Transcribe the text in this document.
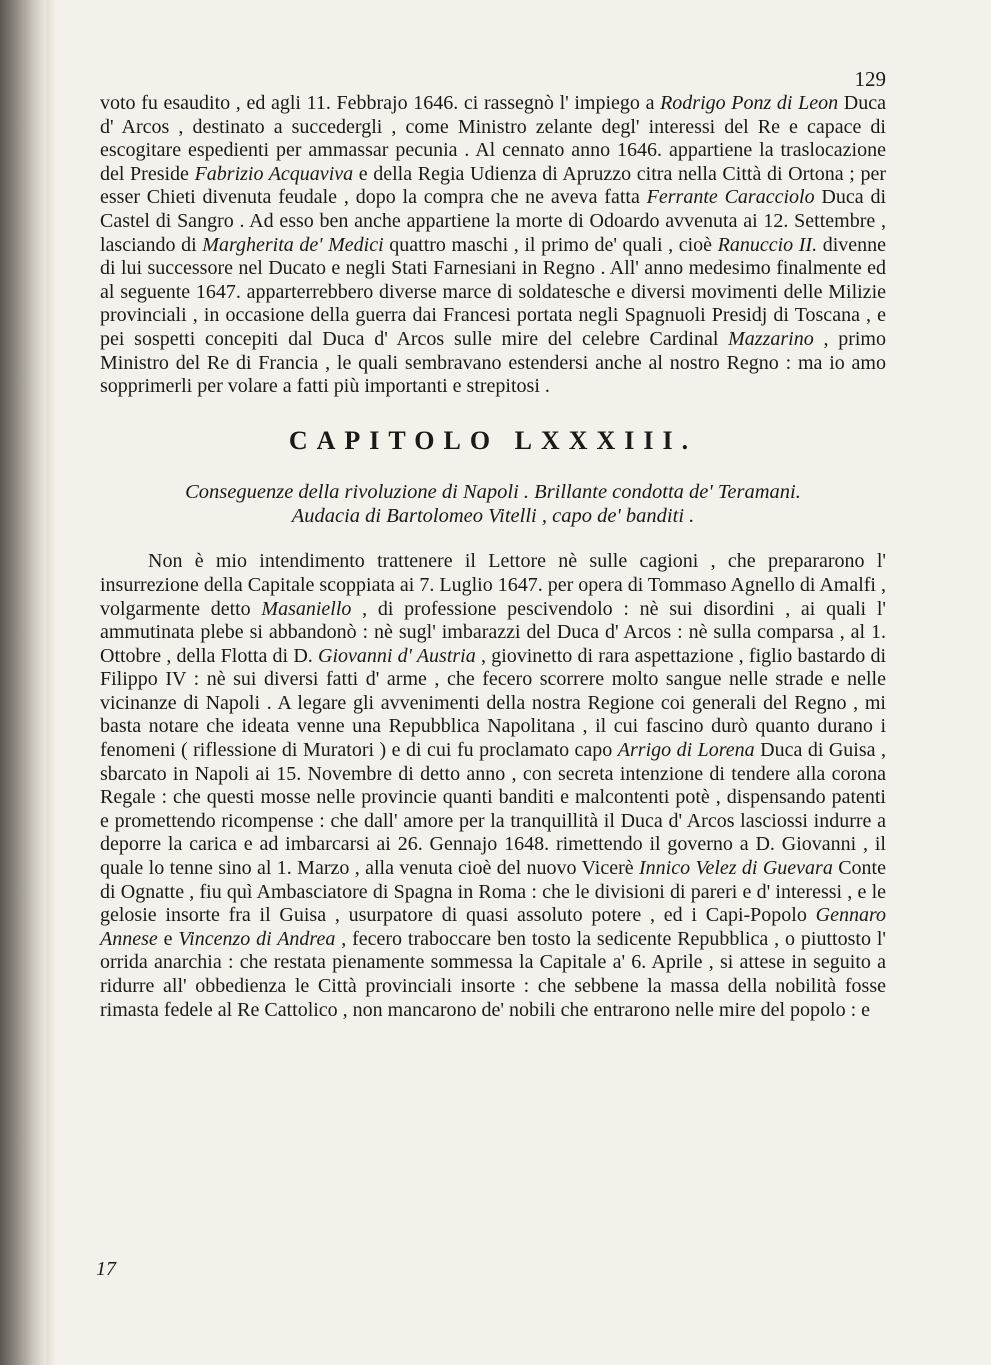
129

voto fu esaudito , ed agli 11. Febbrajo 1646. ci rassegnò l' impiego a Rodrigo Ponz di Leon Duca d' Arcos , destinato a succedergli , come Ministro zelante degl' interessi del Re e capace di escogitare espedienti per ammassar pecunia . Al cennato anno 1646. appartiene la traslocazione del Preside Fabrizio Acquaviva e della Regia Udienza di Apruzzo citra nella Città di Ortona ; per esser Chieti divenuta feudale , dopo la compra che ne aveva fatta Ferrante Caracciolo Duca di Castel di Sangro . Ad esso ben anche appartiene la morte di Odoardo avvenuta ai 12. Settembre , lasciando di Margherita de' Medici quattro maschi , il primo de' quali , cioè Ranuccio II. divenne di lui successore nel Ducato e negli Stati Farnesiani in Regno . All' anno medesimo finalmente ed al seguente 1647. apparterrebbero diverse marce di soldatesche e diversi movimenti delle Milizie provinciali , in occasione della guerra dai Francesi portata negli Spagnuoli Presidj di Toscana , e pei sospetti concepiti dal Duca d' Arcos sulle mire del celebre Cardinal Mazzarino , primo Ministro del Re di Francia , le quali sembravano estendersi anche al nostro Regno : ma io amo sopprimerli per volare a fatti più importanti e strepitosi .

CAPITOLO LXXXIII.
Conseguenze della rivoluzione di Napoli . Brillante condotta de' Teramani.
Audacia di Bartolomeo Vitelli , capo de' banditi .

Non è mio intendimento trattenere il Lettore nè sulle cagioni , che prepararono l' insurrezione della Capitale scoppiata ai 7. Luglio 1647. per opera di Tommaso Agnello di Amalfi , volgarmente detto Masaniello , di professione pescivendolo : nè sui disordini , ai quali l' ammutinata plebe si abbandonò : nè sugl' imbarazzi del Duca d' Arcos : nè sulla comparsa , al 1. Ottobre , della Flotta di D. Giovanni d' Austria , giovinetto di rara aspettazione , figlio bastardo di Filippo IV : nè sui diversi fatti d' arme , che fecero scorrere molto sangue nelle strade e nelle vicinanze di Napoli . A legare gli avvenimenti della nostra Regione coi generali del Regno , mi basta notare che ideata venne una Repubblica Napolitana , il cui fascino durò quanto durano i fenomeni ( riflessione di Muratori ) e di cui fu proclamato capo Arrigo di Lorena Duca di Guisa , sbarcato in Napoli ai 15. Novembre di detto anno , con secreta intenzione di tendere alla corona Regale : che questi mosse nelle provincie quanti banditi e malcontenti potè , dispensando patenti e promettendo ricompense : che dall' amore per la tranquillità il Duca d' Arcos lasciossi indurre a deporre la carica e ad imbarcarsi ai 26. Gennajo 1648. rimettendo il governo a D. Giovanni , il quale lo tenne sino al 1. Marzo , alla venuta cioè del nuovo Vicerè Innico Velez di Guevara Conte di Ognatte , fiu quì Ambasciatore di Spagna in Roma : che le divisioni di pareri e d' interessi , e le gelosie insorte fra il Guisa , usurpatore di quasi assoluto potere , ed i Capi-Popolo Gennaro Annese e Vincenzo di Andrea , fecero traboccare ben tosto la sedicente Repubblica , o piuttosto l' orrida anarchia : che restata pienamente sommessa la Capitale a' 6. Aprile , si attese in seguito a ridurre all' obbedienza le Città provinciali insorte : che sebbene la massa della nobilità fosse rimasta fedele al Re Cattolico , non mancarono de' nobili che entrarono nelle mire del popolo : e

17
